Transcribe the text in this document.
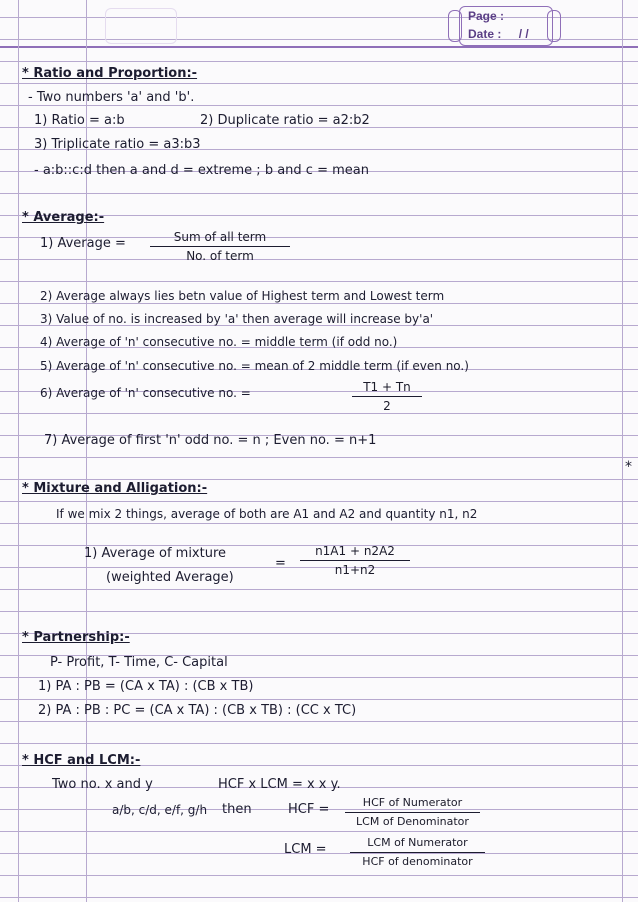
Page :
Date : / /
* Ratio and Proportion:-
- Two numbers 'a' and 'b'.
1) Ratio = a:b	2) Duplicate ratio = a2:b2
3) Triplicate ratio = a3:b3
- a:b::c:d then a and d = extreme ; b and c = mean
* Average:-
1) Average =	Sum of all term
No. of term
2) Average always lies betn value of Highest term and Lowest term
3) Value of no. is increased by 'a' then average will increase by'a'
4) Average of 'n' consecutive no. = middle term (if odd no.)
5) Average of 'n' consecutive no. = mean of 2 middle term (if even no.)
6) Average of 'n' consecutive no. =	T1 + Tn
2
7) Average of first 'n' odd no. = n ; Even no. = n+1
*
* Mixture and Alligation:-
If we mix 2 things, average of both are A1 and A2 and quantity n1, n2
1) Average of mixture
(weighted Average)
=
n1A1 + n2A2
n1+n2
* Partnership:-
P- Profit, T- Time, C- Capital
1) PA : PB = (CA x TA) : (CB x TB)
2) PA : PB : PC = (CA x TA) : (CB x TB) : (CC x TC)
* HCF and LCM:-
Two no. x and y	HCF x LCM = x x y.
a/b, c/d, e/f, g/h then	HCF =	HCF of Numerator
LCM of Denominator
LCM =	LCM of Numerator
HCF of denominator
